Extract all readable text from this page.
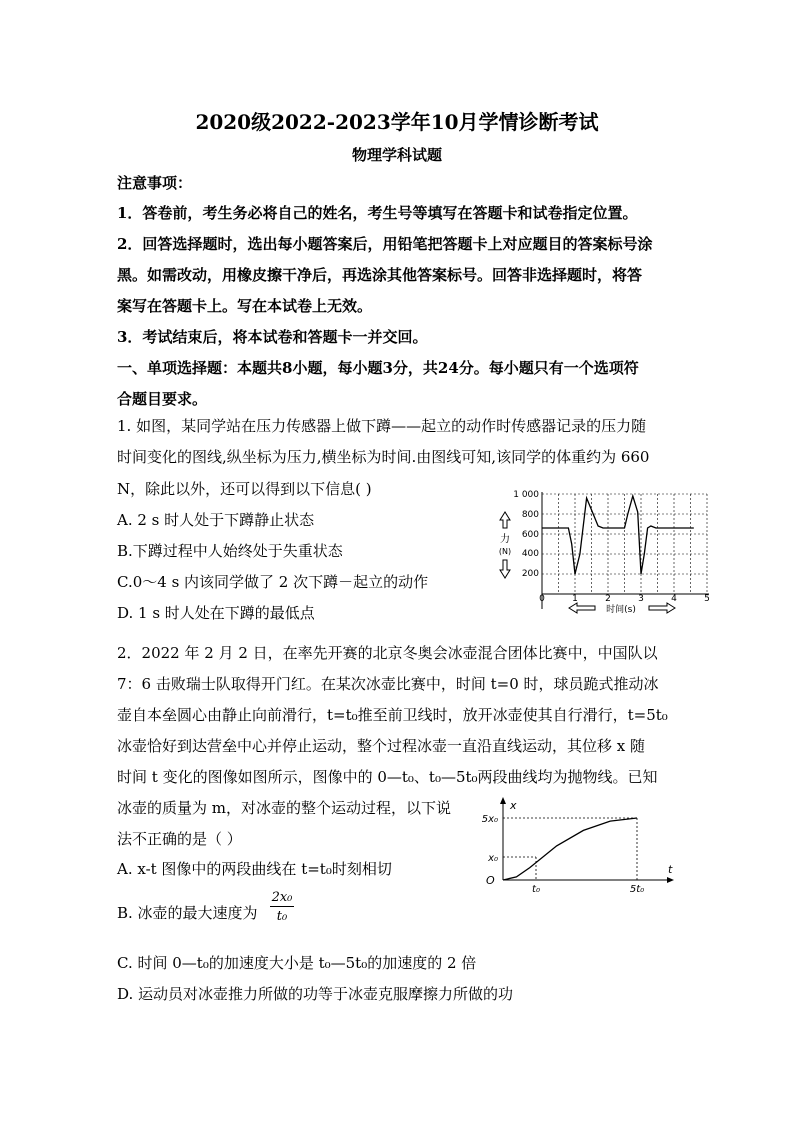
2020级2022-2023学年10月学情诊断考试
物理学科试题
注意事项：
1．答卷前，考生务必将自己的姓名，考生号等填写在答题卡和试卷指定位置。
2．回答选择题时，选出每小题答案后，用铅笔把答题卡上对应题目的答案标号涂
黑。如需改动，用橡皮擦干净后，再选涂其他答案标号。回答非选择题时，将答
案写在答题卡上。写在本试卷上无效。
3．考试结束后，将本试卷和答题卡一并交回。
一、单项选择题：本题共8小题，每小题3分，共24分。每小题只有一个选项符
合题目要求。
1. 如图，某同学站在压力传感器上做下蹲——起立的动作时传感器记录的压力随
时间变化的图线,纵坐标为压力,横坐标为时间.由图线可知,该同学的体重约为 660
N，除此以外，还可以得到以下信息( )
A. 2 s 时人处于下蹲静止状态
B.下蹲过程中人始终处于失重状态
C.0～4 s 内该同学做了 2 次下蹲－起立的动作
D. 1 s 时人处在下蹲的最低点
1 000
800
600
400
200
0	1	2	3	4	5
力
(N)
时间(s)
2．2022 年 2 月 2 日，在率先开赛的北京冬奥会冰壶混合团体比赛中，中国队以
7：6 击败瑞士队取得开门红。在某次冰壶比赛中，时间 t=0 时，球员跪式推动冰
壶自本垒圆心由静止向前滑行，t=t₀推至前卫线时，放开冰壶使其自行滑行，t=5t₀
冰壶恰好到达营垒中心并停止运动，整个过程冰壶一直沿直线运动，其位移 x 随
时间 t 变化的图像如图所示，图像中的 0—t₀、t₀—5t₀两段曲线均为抛物线。已知
冰壶的质量为 m，对冰壶的整个运动过程，以下说
法不正确的是（ ）
A. x-t 图像中的两段曲线在 t=t₀时刻相切
B. 冰壶的最大速度为 $\frac{\text{2x₀}}{\text{t₀}}$
C. 时间 0—t₀的加速度大小是 t₀—5t₀的加速度的 2 倍
D. 运动员对冰壶推力所做的功等于冰壶克服摩擦力所做的功
x
t
O
5x₀
x₀
t₀	5t₀
